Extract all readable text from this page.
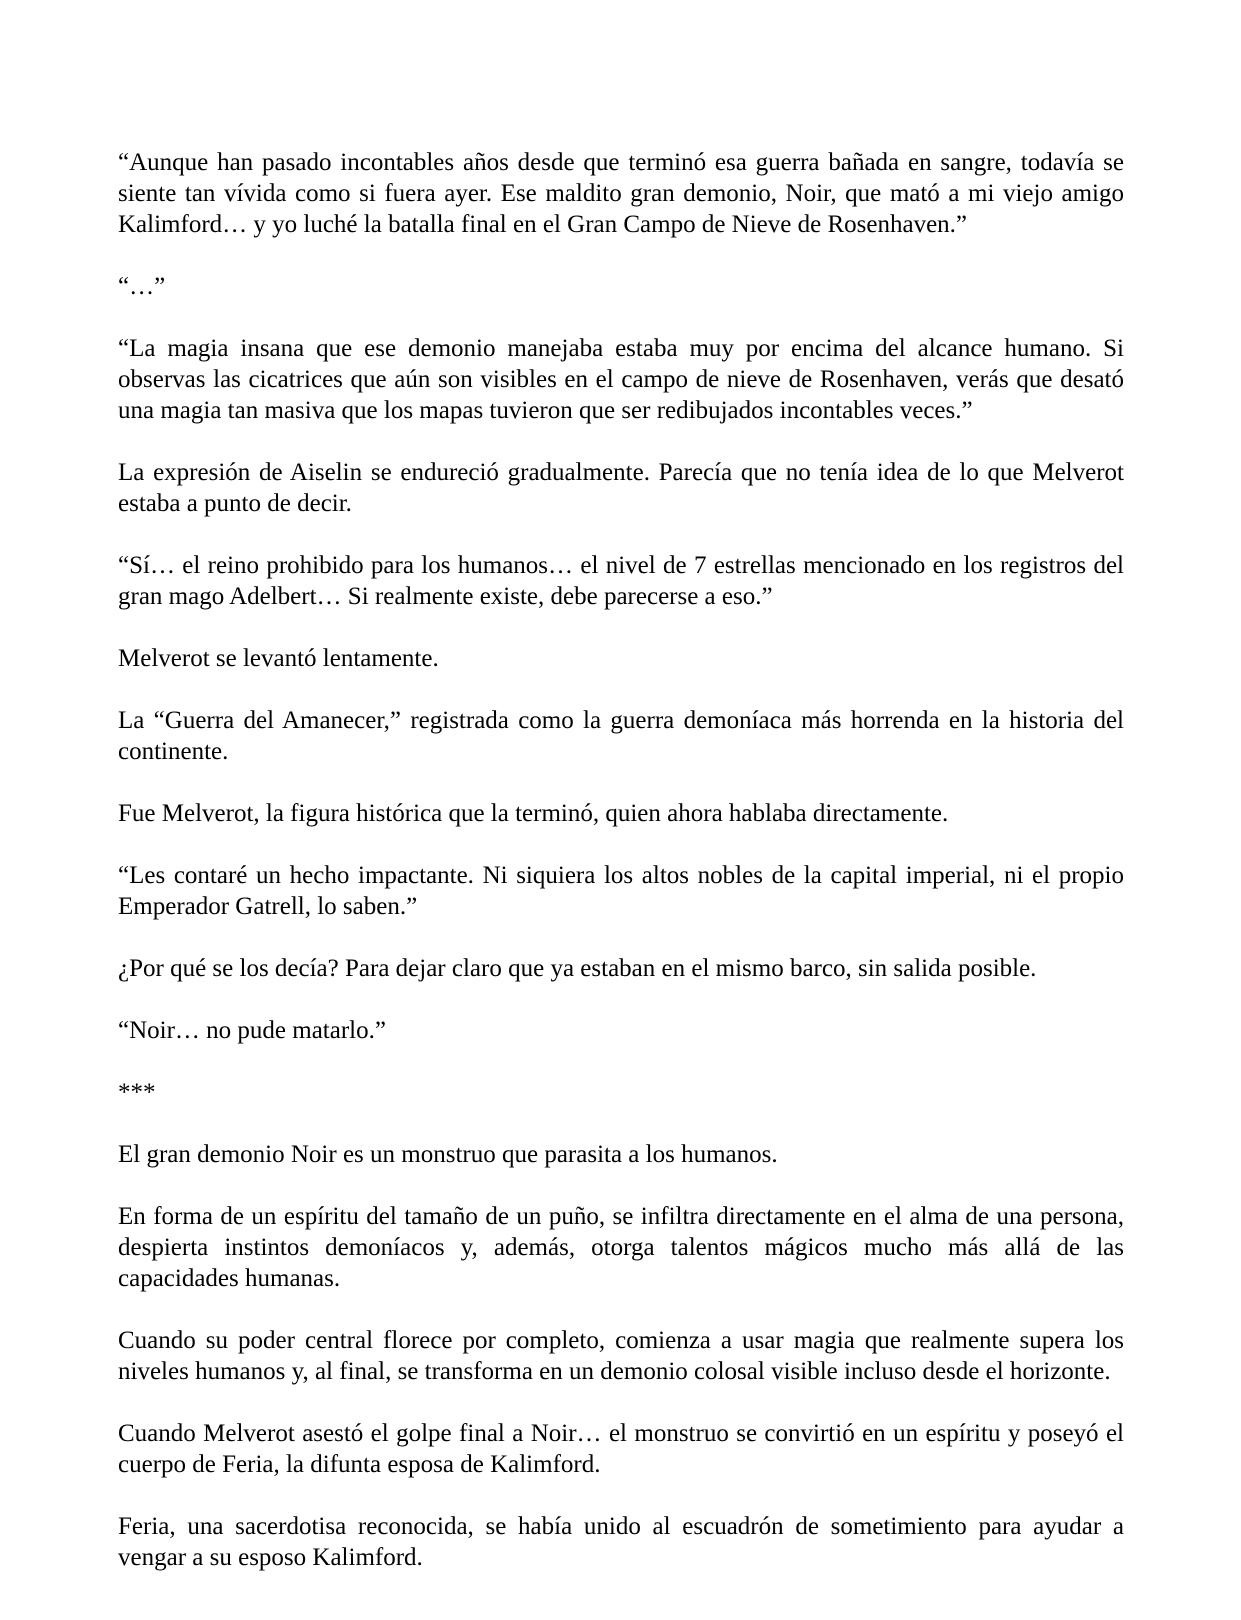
“Aunque han pasado incontables años desde que terminó esa guerra bañada en sangre, todavía se siente tan vívida como si fuera ayer. Ese maldito gran demonio, Noir, que mató a mi viejo amigo Kalimford… y yo luché la batalla final en el Gran Campo de Nieve de Rosenhaven.”

“…”

“La magia insana que ese demonio manejaba estaba muy por encima del alcance humano. Si observas las cicatrices que aún son visibles en el campo de nieve de Rosenhaven, verás que desató una magia tan masiva que los mapas tuvieron que ser redibujados incontables veces.”

La expresión de Aiselin se endureció gradualmente. Parecía que no tenía idea de lo que Melverot estaba a punto de decir.

“Sí… el reino prohibido para los humanos… el nivel de 7 estrellas mencionado en los registros del gran mago Adelbert… Si realmente existe, debe parecerse a eso.”

Melverot se levantó lentamente.

La “Guerra del Amanecer,” registrada como la guerra demoníaca más horrenda en la historia del continente.

Fue Melverot, la figura histórica que la terminó, quien ahora hablaba directamente.

“Les contaré un hecho impactante. Ni siquiera los altos nobles de la capital imperial, ni el propio Emperador Gatrell, lo saben.”

¿Por qué se los decía? Para dejar claro que ya estaban en el mismo barco, sin salida posible.

“Noir… no pude matarlo.”

***

El gran demonio Noir es un monstruo que parasita a los humanos.

En forma de un espíritu del tamaño de un puño, se infiltra directamente en el alma de una persona, despierta instintos demoníacos y, además, otorga talentos mágicos mucho más allá de las capacidades humanas.

Cuando su poder central florece por completo, comienza a usar magia que realmente supera los niveles humanos y, al final, se transforma en un demonio colosal visible incluso desde el horizonte.

Cuando Melverot asestó el golpe final a Noir… el monstruo se convirtió en un espíritu y poseyó el cuerpo de Feria, la difunta esposa de Kalimford.

Feria, una sacerdotisa reconocida, se había unido al escuadrón de sometimiento para ayudar a vengar a su esposo Kalimford.
